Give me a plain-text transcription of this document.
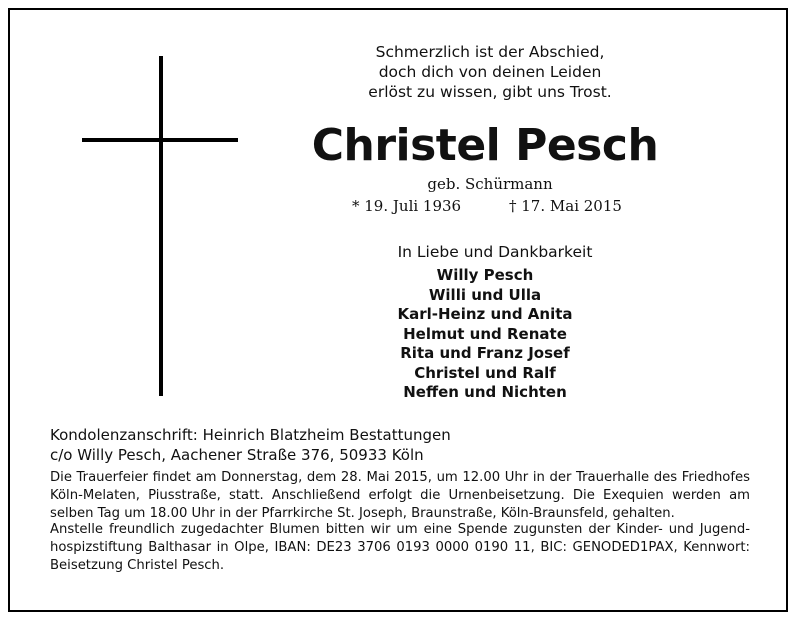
Schmerzlich ist der Abschied,
doch dich von deinen Leiden
erlöst zu wissen, gibt uns Trost.
Christel Pesch
geb. Schürmann
* 19. Juli 1936	† 17. Mai 2015
In Liebe und Dankbarkeit
Willy Pesch
Willi und Ulla
Karl-Heinz und Anita
Helmut und Renate
Rita und Franz Josef
Christel und Ralf
Neffen und Nichten
Kondolenzanschrift: Heinrich Blatzheim Bestattungen
c/o Willy Pesch, Aachener Straße 376, 50933 Köln
Die Trauerfeier findet am Donnerstag, dem 28. Mai 2015, um 12.00 Uhr in der Trauerhalle des Friedhofes Köln-Melaten, Piusstraße, statt. Anschließend erfolgt die Urnenbeisetzung. Die Exequien werden am selben Tag um 18.00 Uhr in der Pfarrkirche St. Joseph, Braunstraße, Köln-Braunsfeld, gehalten.
Anstelle freundlich zugedachter Blumen bitten wir um eine Spende zugunsten der Kinder- und Jugendhospizstiftung Balthasar in Olpe, IBAN: DE23 3706 0193 0000 0190 11, BIC: GENODED1PAX, Kennwort: Beisetzung Christel Pesch.
